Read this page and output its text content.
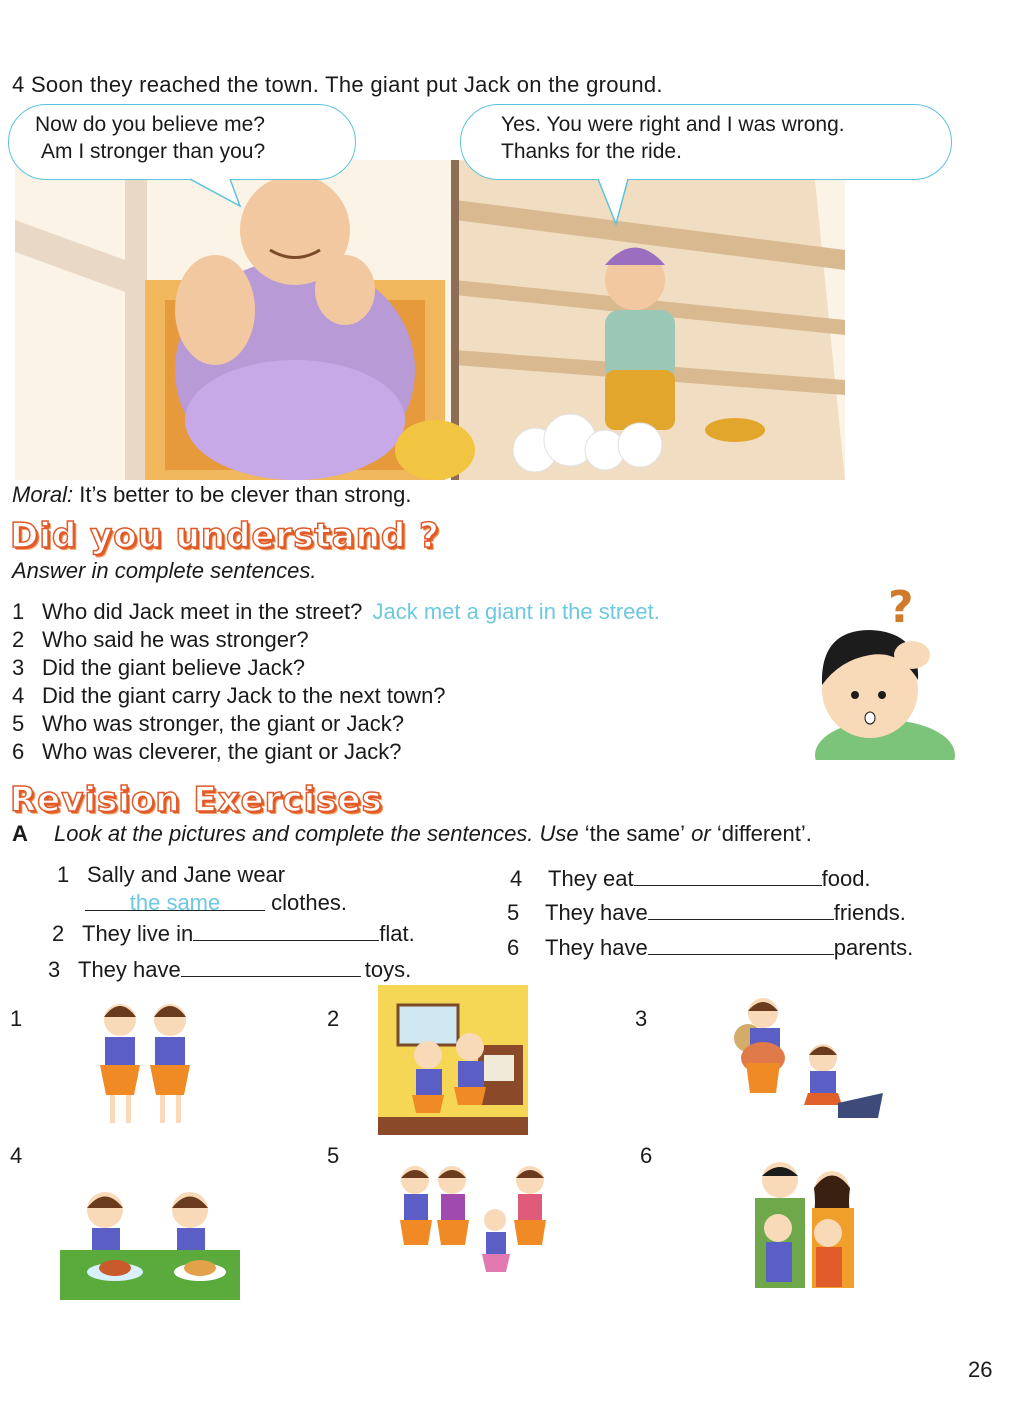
4 Soon they reached the town. The giant put Jack on the ground.
Now do you believe me?
Am I stronger than you?
Yes. You were right and I was wrong.
Thanks for the ride.
Moral: It’s better to be clever than strong.
Did you understand ?
Answer in complete sentences.
1 Who did Jack meet in the street? Jack met a giant in the street.
2 Who said he was stronger?
3 Did the giant believe Jack?
4 Did the giant carry Jack to the next town?
5 Who was stronger, the giant or Jack?
6 Who was cleverer, the giant or Jack?
?
Revision Exercises
A Look at the pictures and complete the sentences. Use ‘the same’ or ‘different’.
1 Sally and Jane wear
the same clothes.
2 They live in	flat.
3 They have	toys.
4 They eat	food.
5 They have	friends.
6 They have	parents.
1	2	3
4	5	6
26
